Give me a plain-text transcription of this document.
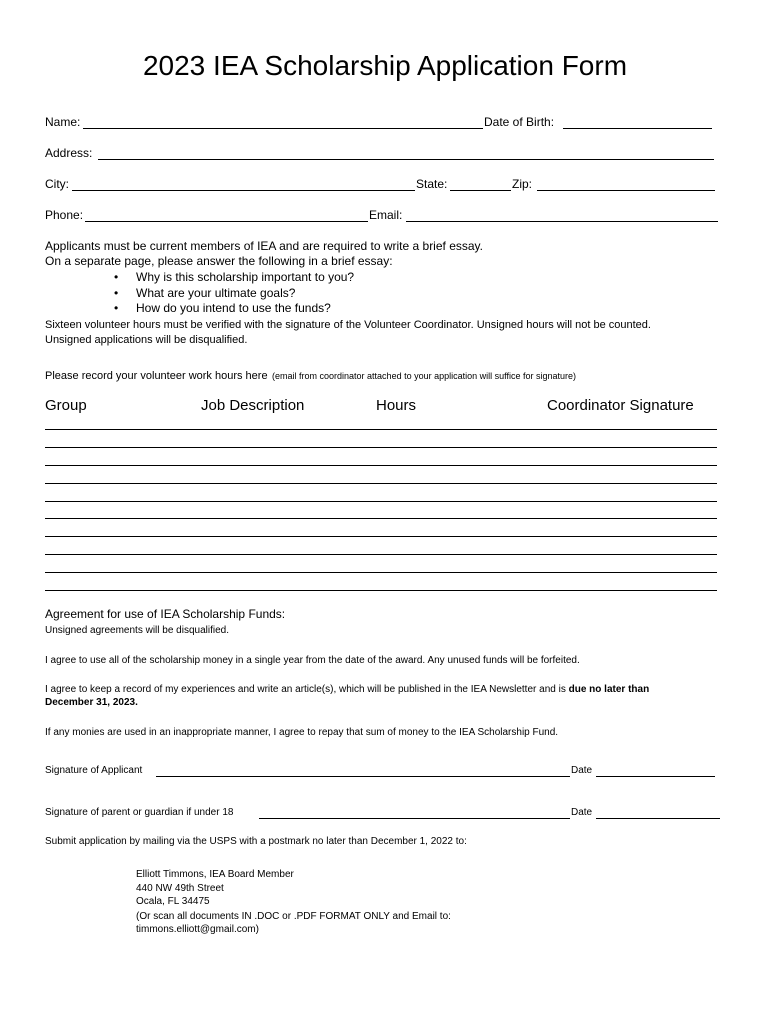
2023 IEA Scholarship Application Form
Name:	Date of Birth:
Address:
City:	State:	Zip:
Phone:	Email:
Applicants must be current members of IEA and are required to write a brief essay.
On a separate page, please answer the following in a brief essay:
• Why is this scholarship important to you?
• What are your ultimate goals?
• How do you intend to use the funds?
Sixteen volunteer hours must be verified with the signature of the Volunteer Coordinator. Unsigned hours will not be counted.
Unsigned applications will be disqualified.
Please record your volunteer work hours here (email from coordinator attached to your application will suffice for signature)
Group	Job Description	Hours	Coordinator Signature
Agreement for use of IEA Scholarship Funds:
Unsigned agreements will be disqualified.
I agree to use all of the scholarship money in a single year from the date of the award. Any unused funds will be forfeited.
I agree to keep a record of my experiences and write an article(s), which will be published in the IEA Newsletter and is due no later than
December 31, 2023.
If any monies are used in an inappropriate manner, I agree to repay that sum of money to the IEA Scholarship Fund.
Signature of Applicant	Date
Signature of parent or guardian if under 18	Date
Submit application by mailing via the USPS with a postmark no later than December 1, 2022 to:
Elliott Timmons, IEA Board Member
440 NW 49th Street
Ocala, FL 34475
(Or scan all documents IN .DOC or .PDF FORMAT ONLY and Email to:
timmons.elliott@gmail.com)
